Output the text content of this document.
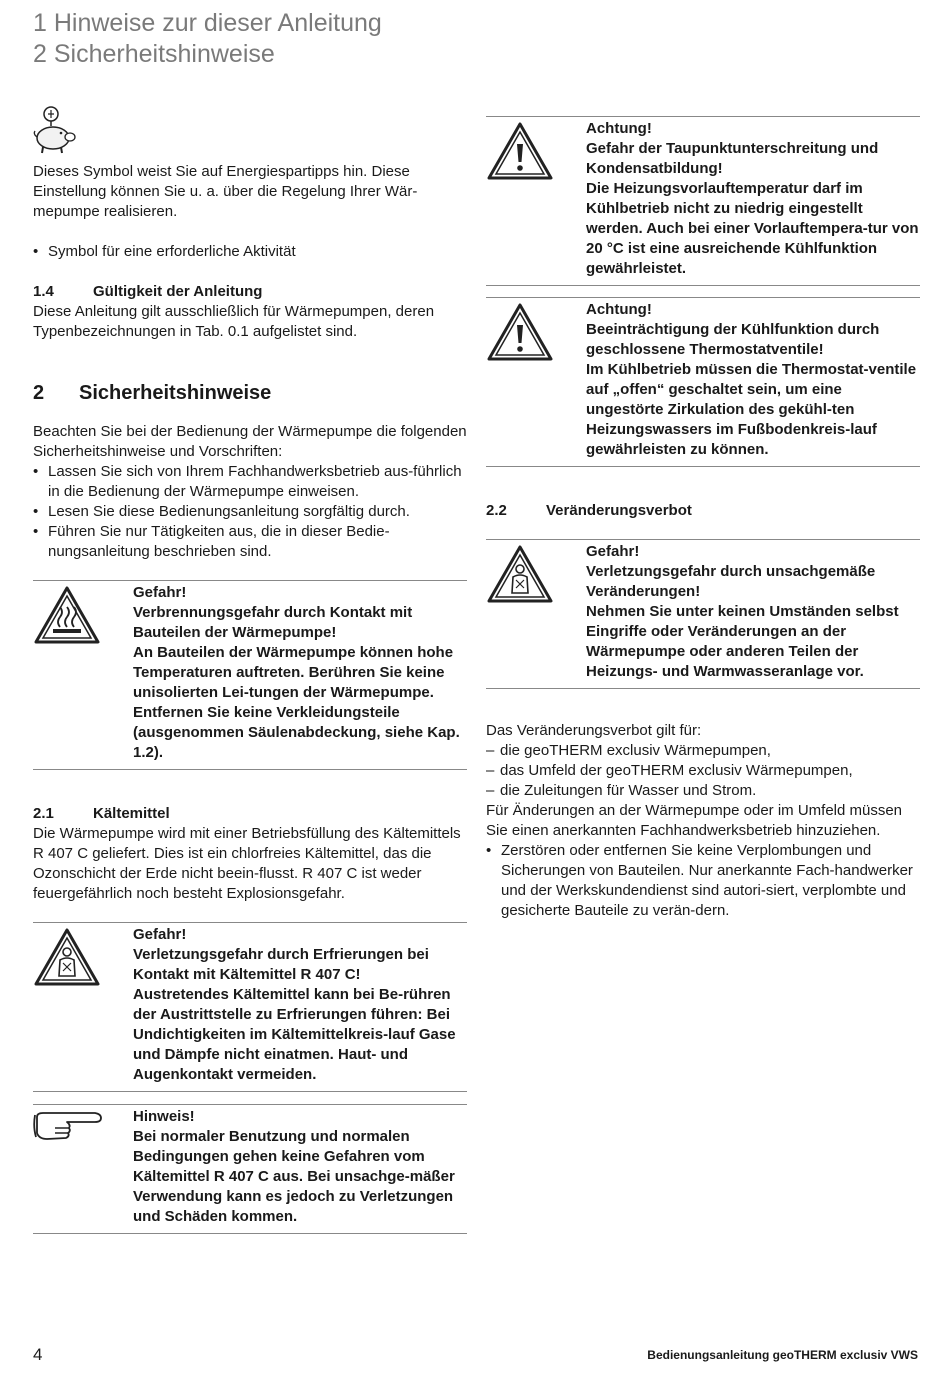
1 Hinweise zur dieser Anleitung
2 Sicherheitshinweise

Dieses Symbol weist Sie auf Energiespartipps hin. Diese Einstellung können Sie u. a. über die Regelung Ihrer Wär-mepumpe realisieren.

• Symbol für eine erforderliche Aktivität
1.4	Gültigkeit der Anleitung

Diese Anleitung gilt ausschließlich für Wärmepumpen, deren Typenbezeichnungen in Tab. 0.1 aufgelistet sind.

2	Sicherheitshinweise

Beachten Sie bei der Bedienung der Wärmepumpe die folgenden Sicherheitshinweise und Vorschriften:

• Lassen Sie sich von Ihrem Fachhandwerksbetrieb aus-führlich in die Bedienung der Wärmepumpe einweisen.
• Lesen Sie diese Bedienungsanleitung sorgfältig durch.
• Führen Sie nur Tätigkeiten aus, die in dieser Bedie-nungsanleitung beschrieben sind.
Gefahr!
Verbrennungsgefahr durch Kontakt mit Bauteilen der Wärmepumpe!
An Bauteilen der Wärmepumpe können hohe Temperaturen auftreten. Berühren Sie keine unisolierten Lei-tungen der Wärmepumpe. Entfernen Sie keine Verkleidungsteile (ausgenommen Säulenabdeckung, siehe Kap. 1.2).
2.1	Kältemittel

Die Wärmepumpe wird mit einer Betriebsfüllung des Kältemittels R 407 C geliefert. Dies ist ein chlorfreies Kältemittel, das die Ozonschicht der Erde nicht beein-flusst. R 407 C ist weder feuergefährlich noch besteht Explosionsgefahr.

Gefahr!
Verletzungsgefahr durch Erfrierungen bei Kontakt mit Kältemittel R 407 C!
Austretendes Kältemittel kann bei Be-rühren der Austrittstelle zu Erfrierungen führen: Bei Undichtigkeiten im Kältemittelkreis-lauf Gase und Dämpfe nicht einatmen. Haut- und Augenkontakt vermeiden.
Hinweis!
Bei normaler Benutzung und normalen Bedingungen gehen keine Gefahren vom Kältemittel R 407 C aus. Bei unsachge-mäßer Verwendung kann es jedoch zu Verletzungen und Schäden kommen.
Achtung!
Gefahr der Taupunktunterschreitung und Kondensatbildung!
Die Heizungsvorlauftemperatur darf im Kühlbetrieb nicht zu niedrig eingestellt werden. Auch bei einer Vorlauftempera-tur von 20 °C ist eine ausreichende Kühlfunktion gewährleistet.
Achtung!
Beeinträchtigung der Kühlfunktion durch geschlossene Thermostatventile!
Im Kühlbetrieb müssen die Thermostat-ventile auf „offen“ geschaltet sein, um eine ungestörte Zirkulation des gekühl-ten Heizungswassers im Fußbodenkreis-lauf gewährleisten zu können.
2.2	Veränderungsverbot
Gefahr!
Verletzungsgefahr durch unsachgemäße Veränderungen!
Nehmen Sie unter keinen Umständen selbst Eingriffe oder Veränderungen an der Wärmepumpe oder anderen Teilen der Heizungs- und Warmwasseranlage vor.

Das Veränderungsverbot gilt für:

– die geoTHERM exclusiv Wärmepumpen,
– das Umfeld der geoTHERM exclusiv Wärmepumpen,
– die Zuleitungen für Wasser und Strom.

Für Änderungen an der Wärmepumpe oder im Umfeld müssen Sie einen anerkannten Fachhandwerksbetrieb hinzuziehen.

• Zerstören oder entfernen Sie keine Verplombungen und Sicherungen von Bauteilen. Nur anerkannte Fach-handwerker und der Werkskundendienst sind autori-siert, verplombte und gesicherte Bauteile zu verän-dern.
4	Bedienungsanleitung geoTHERM exclusiv VWS
